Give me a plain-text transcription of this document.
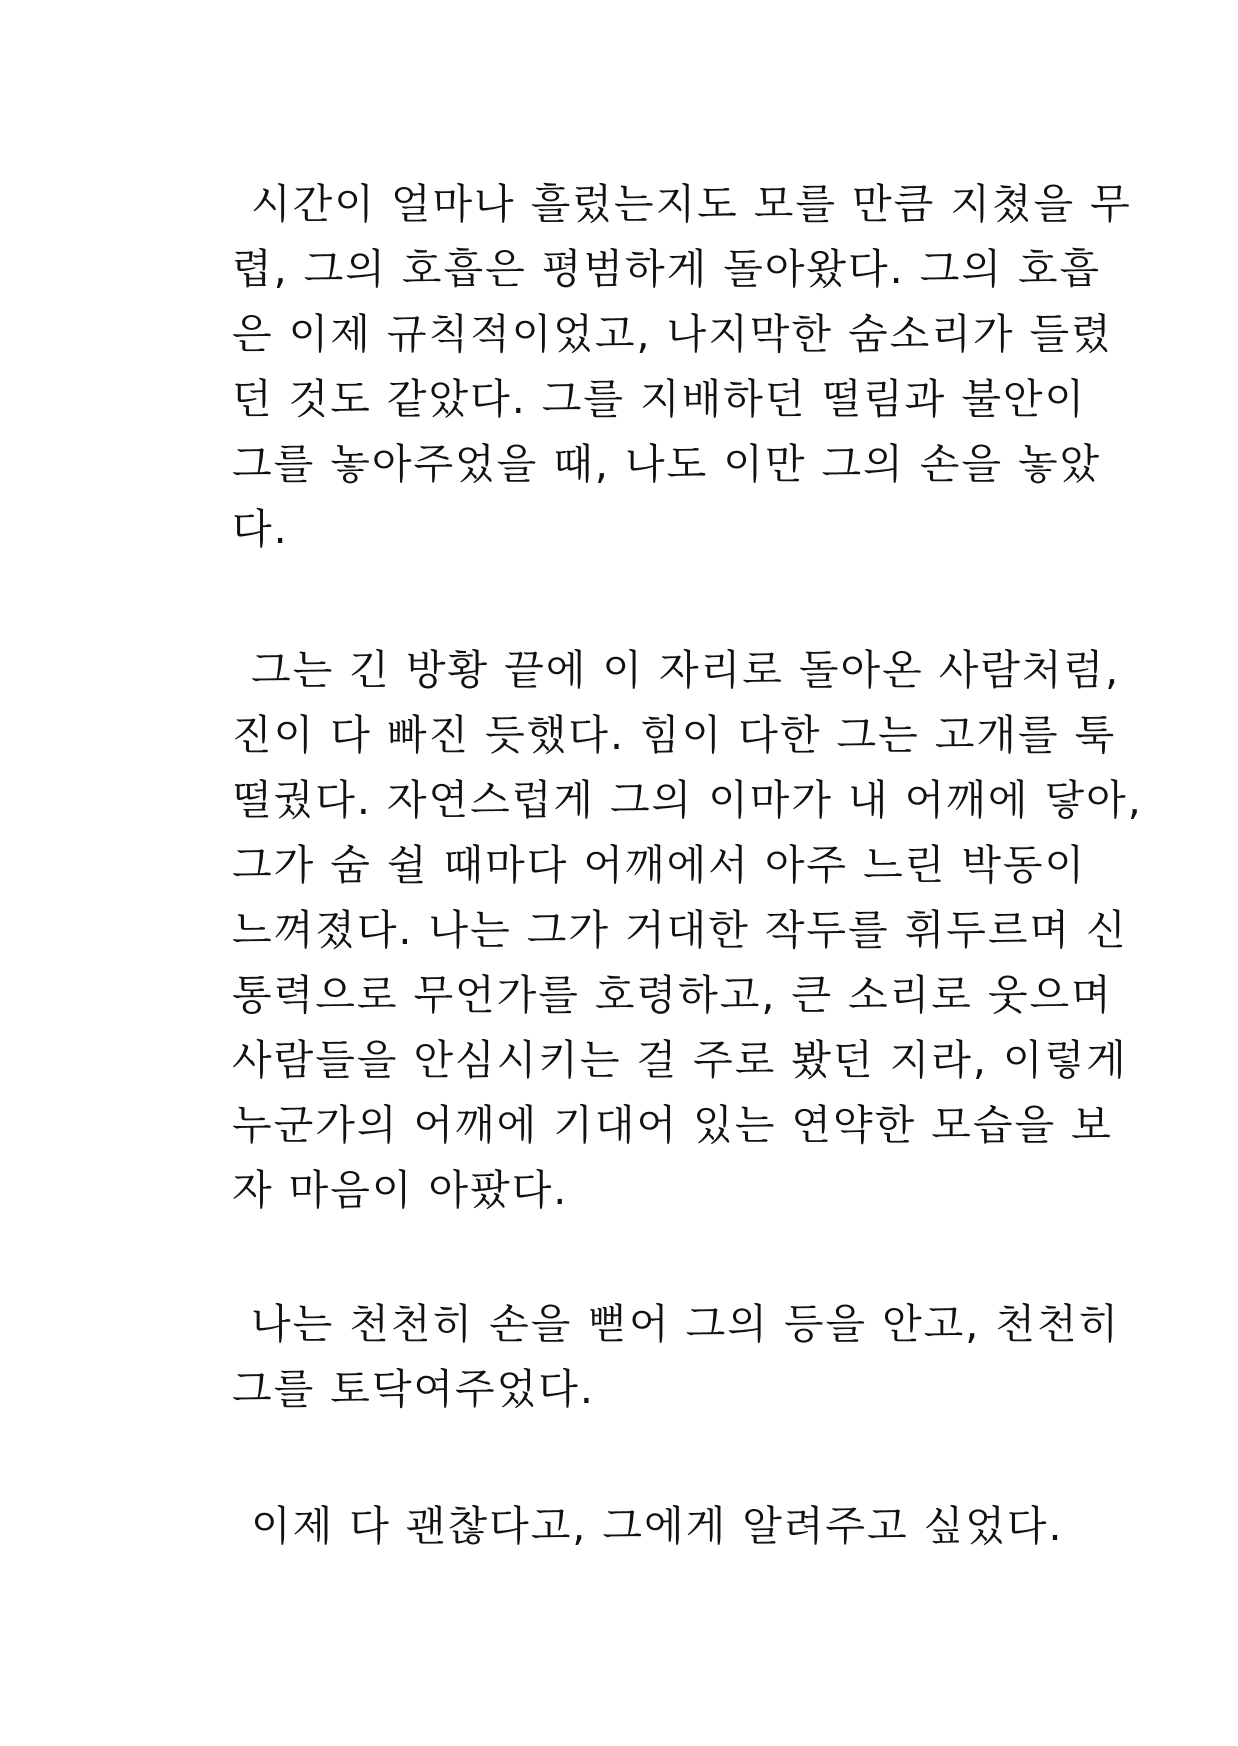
시간이 얼마나 흘렀는지도 모를 만큼 지쳤을 무
렵, 그의 호흡은 평범하게 돌아왔다. 그의 호흡
은 이제 규칙적이었고, 나지막한 숨소리가 들렸
던 것도 같았다. 그를 지배하던 떨림과 불안이
그를 놓아주었을 때, 나도 이만 그의 손을 놓았
다.
그는 긴 방황 끝에 이 자리로 돌아온 사람처럼,
진이 다 빠진 듯했다. 힘이 다한 그는 고개를 툭
떨궜다. 자연스럽게 그의 이마가 내 어깨에 닿아,
그가 숨 쉴 때마다 어깨에서 아주 느린 박동이
느껴졌다. 나는 그가 거대한 작두를 휘두르며 신
통력으로 무언가를 호령하고, 큰 소리로 웃으며
사람들을 안심시키는 걸 주로 봤던 지라, 이렇게
누군가의 어깨에 기대어 있는 연약한 모습을 보
자 마음이 아팠다.
나는 천천히 손을 뻗어 그의 등을 안고, 천천히
그를 토닥여주었다.
이제 다 괜찮다고, 그에게 알려주고 싶었다.
